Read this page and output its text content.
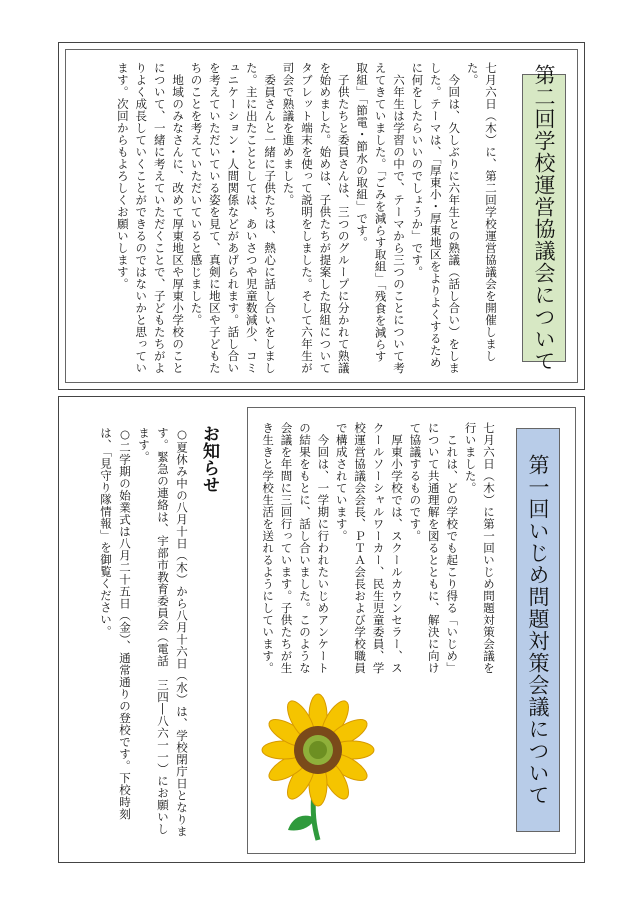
第二回学校運営協議会について

七月六日（木）に、第二回学校運営協議会を開催しました。

今回は、久しぶりに六年生との熟議（話し合い）をしました。テーマは、「厚東小・厚東地区をよりよくするために何をしたらいいのでしょうか」です。

六年生は学習の中で、テーマから三つのことについて考えてきていました。「ごみを減らす取組」「残食を減らす取組」「節電・節水の取組」です。

子供たちと委員さんは、三つのグループに分かれて熟議を始めました。始めは、子供たちが提案した取組についてタブレット端末を使って説明をしました。そして六年生が司会で熟議を進めました。

委員さんと一緒に子供たちは、熱心に話し合いをしました。主に出たこととしては、あいさつや児童数減少、コミュニケーション・人間関係などがあげられます。話し合いを考えていただいている姿を見て、真剣に地区や子どもたちのことを考えていただいていると感じました。

地域のみなさんに、改めて厚東地区や厚東小学校のことについて、一緒に考えていただくことで、子どもたちがよりよく成長していくことができるのではないかと思っています。次回からもよろしくお願いします。

第一回いじめ問題対策会議について

七月六日（木）に第一回いじめ問題対策会議を行いました。

これは、どの学校でも起こり得る「いじめ」について共通理解を図るとともに、解決に向けて協議するものです。

厚東小学校では、スクールカウンセラー、スクールソーシャルワーカー、民生児童委員、学校運営協議会会長、ＰＴＡ会長および学校職員で構成されています。

今回は、一学期に行われたいじめアンケートの結果をもとに、話し合いました。このような会議を年間に三回行っています。子供たちが生き生きと学校生活を送れるようにしています。

お知らせ

○夏休み中の八月十日（木）から八月十六日（水）は、学校閉庁日となります。緊急の連絡は、宇部市教育委員会（電話　三四―八六一一）にお願いします。

○二学期の始業式は八月二十五日（金）、通常通りの登校です。下校時刻は、「見守り隊情報」を御覧ください。
